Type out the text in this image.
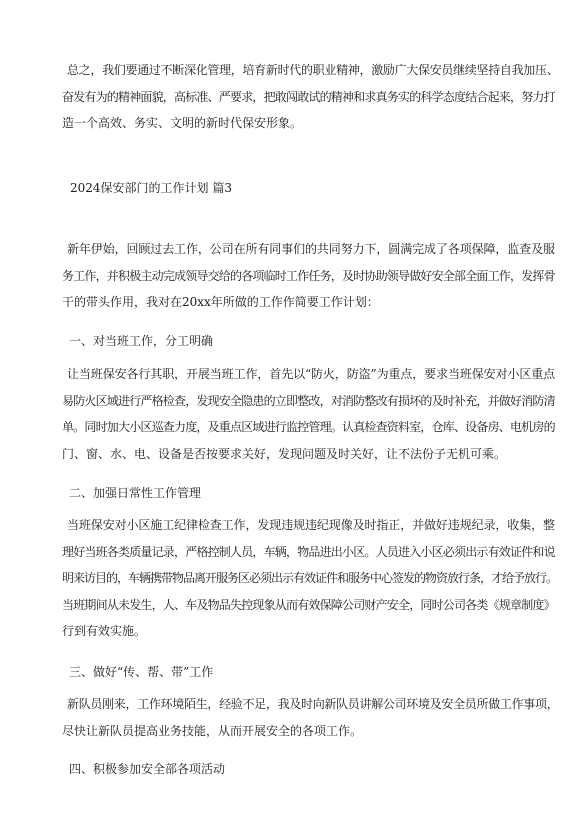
总之，我们要通过不断深化管理，培育新时代的职业精神，激励广大保安员继续坚持自我加压、
奋发有为的精神面貌，高标准、严要求，把敢闯敢试的精神和求真务实的科学态度结合起来，努力打
造一个高效、务实、文明的新时代保安形象。
2024保安部门的工作计划 篇3
新年伊始，回顾过去工作，公司在所有同事们的共同努力下，圆满完成了各项保障，监查及服
务工作，并积极主动完成领导交给的各项临时工作任务，及时协助领导做好安全部全面工作，发挥骨
干的带头作用，我对在20xx年所做的工作作简要工作计划：
一、对当班工作，分工明确
让当班保安各行其职，开展当班工作，首先以“防火，防盗”为重点，要求当班保安对小区重点
易防火区域进行严格检查，发现安全隐患的立即整改，对消防整改有损坏的及时补充，并做好消防清
单。同时加大小区巡查力度，及重点区域进行监控管理。认真检查资料室，仓库、设备房、电机房的
门、窗、水、电、设备是否按要求关好，发现问题及时关好，让不法份子无机可乘。
二、加强日常性工作管理
当班保安对小区施工纪律检查工作，发现违规违纪现像及时指正，并做好违规纪录，收集，整
理好当班各类质量记录，严格控制人员，车辆，物品进出小区。人员进入小区必须出示有效证件和说
明来访目的，车辆携带物品离开服务区必须出示有效证件和服务中心签发的物资放行条，才给予放行。
当班期间从未发生，人、车及物品失控现象从而有效保障公司财产安全，同时公司各类《规章制度》
行到有效实施。
三、做好“传、帮、带”工作
新队员刚来，工作环境陌生，经验不足，我及时向新队员讲解公司环境及安全员所做工作事项，
尽快让新队员提高业务技能，从而开展安全的各项工作。
四、积极参加安全部各项活动
